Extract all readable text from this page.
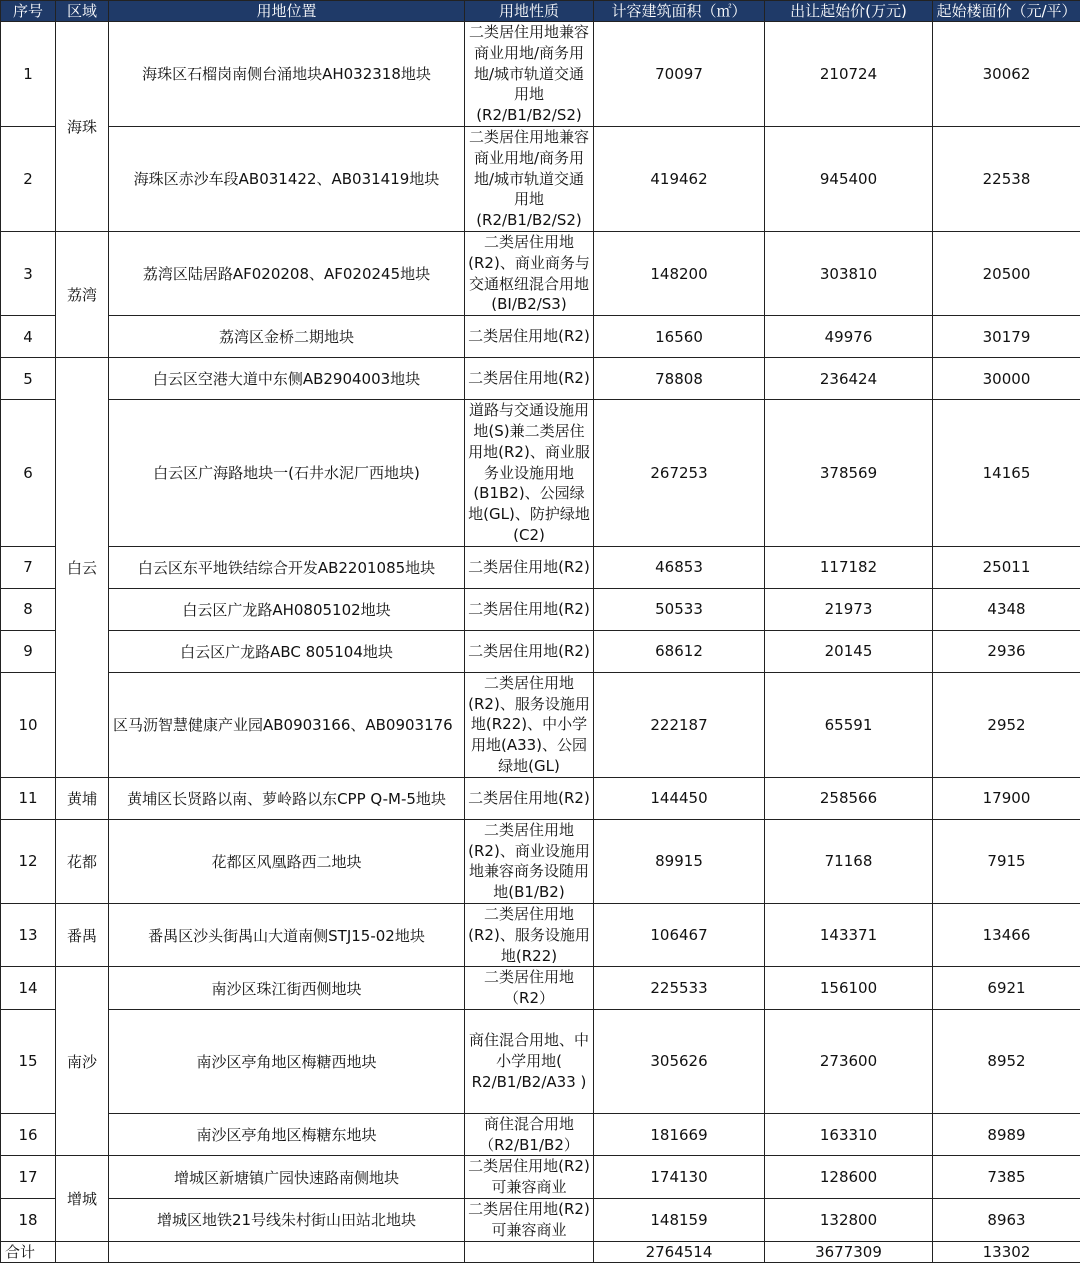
序号	区域	用地位置	用地性质	计容建筑面积（㎡）	出让起始价(万元)	起始楼面价（元/平）
1	海珠	海珠区石榴岗南侧台涌地块AH032318地块	二类居住用地兼容商业用地/商务用地/城市轨道交通用地(R2/B1/B2/S2)	70097	210724	30062
2		海珠区赤沙车段AB031422、AB031419地块	二类居住用地兼容商业用地/商务用地/城市轨道交通用地(R2/B1/B2/S2)	419462	945400	22538
3	荔湾	荔湾区陆居路AF020208、AF020245地块	二类居住用地(R2)、商业商务与交通枢纽混合用地(BI/B2/S3)	148200	303810	20500
4		荔湾区金桥二期地块	二类居住用地(R2)	16560	49976	30179
5	白云	白云区空港大道中东侧AB2904003地块	二类居住用地(R2)	78808	236424	30000
6		白云区广海路地块一(石井水泥厂西地块)	道路与交通设施用地(S)兼二类居住用地(R2)、商业服务业设施用地(B1B2)、公园绿地(GL)、防护绿地(C2)	267253	378569	14165
7		白云区东平地铁结综合开发AB2201085地块	二类居住用地(R2)	46853	117182	25011
8		白云区广龙路AH0805102地块	二类居住用地(R2)	50533	21973	4348
9		白云区广龙路ABC 805104地块	二类居住用地(R2)	68612	20145	2936
10		区马沥智慧健康产业园AB0903166、AB0903176	二类居住用地(R2)、服务设施用地(R22)、中小学用地(A33)、公园绿地(GL)	222187	65591	2952
11	黄埔	黄埔区长贤路以南、萝岭路以东CPP Q-M-5地块	二类居住用地(R2)	144450	258566	17900
12	花都	花都区风凰路西二地块	二类居住用地(R2)、商业设施用地兼容商务设随用地(B1/B2)	89915	71168	7915
13	番禺	番禺区沙头街禺山大道南侧STJ15-02地块	二类居住用地(R2)、服务设施用地(R22)	106467	143371	13466
14	南沙	南沙区珠江街西侧地块	二类居住用地（R2）	225533	156100	6921
15		南沙区亭角地区梅糖西地块	商住混合用地、中小学用地( R2/B1/B2/A33 )	305626	273600	8952
16		南沙区亭角地区梅糖东地块	商住混合用地（R2/B1/B2）	181669	163310	8989
17	增城	增城区新塘镇广园快速路南侧地块	二类居住用地(R2)可兼容商业	174130	128600	7385
18		增城区地铁21号线朱村街山田站北地块	二类居住用地(R2)可兼容商业	148159	132800	8963
合计				2764514	3677309	13302
